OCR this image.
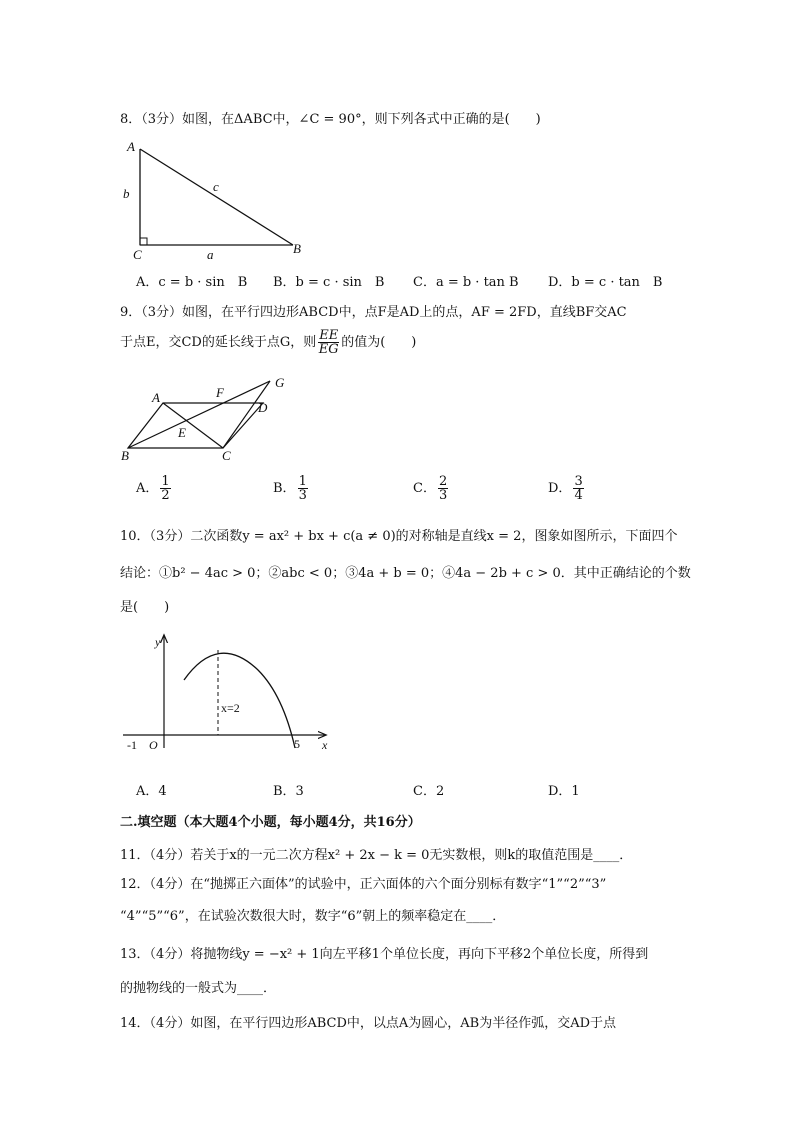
8．（3分）如图，在ΔABC中，∠C = 90°，则下列各式中正确的是(　　)
A
b	c
C	a	B
A．c = b · sin　B B．b = c · sin　B C．a = b · tan B D．b = c · tan　B
9．（3分）如图，在平行四边形ABCD中，点F是AD上的点，AF = 2FD，直线BF交AC
于点E，交CD的延长线于点G，则 $\frac{EE}{EG}$ 的值为(　　)
A	F
G
D
E
B	C
A． $\frac{1}{2}$	B． $\frac{1}{3}$	C． $\frac{2}{3}$	D． $\frac{3}{4}$
10．（3分）二次函数y = ax² + bx + c(a ≠ 0)的对称轴是直线x = 2，图象如图所示，下面四个
结论：①b² − 4ac > 0；②abc < 0；③4a + b = 0；④4a − 2b + c > 0．其中正确结论的个数
是(　　)
y
x
O
-1	5
x=2
A．4	B．3	C．2	D．1
二.填空题（本大题4个小题，每小题4分，共16分）
11．（4分）若关于x的一元二次方程x² + 2x − k = 0无实数根，则k的取值范围是____．
12．（4分）在“抛掷正六面体”的试验中，正六面体的六个面分别标有数字“1”“2”“3”
“4”“5”“6”，在试验次数很大时，数字“6”朝上的频率稳定在____．
13．（4分）将抛物线y = −x² + 1向左平移1个单位长度，再向下平移2个单位长度，所得到
的抛物线的一般式为____．
14．（4分）如图，在平行四边形ABCD中，以点A为圆心，AB为半径作弧，交AD于点
